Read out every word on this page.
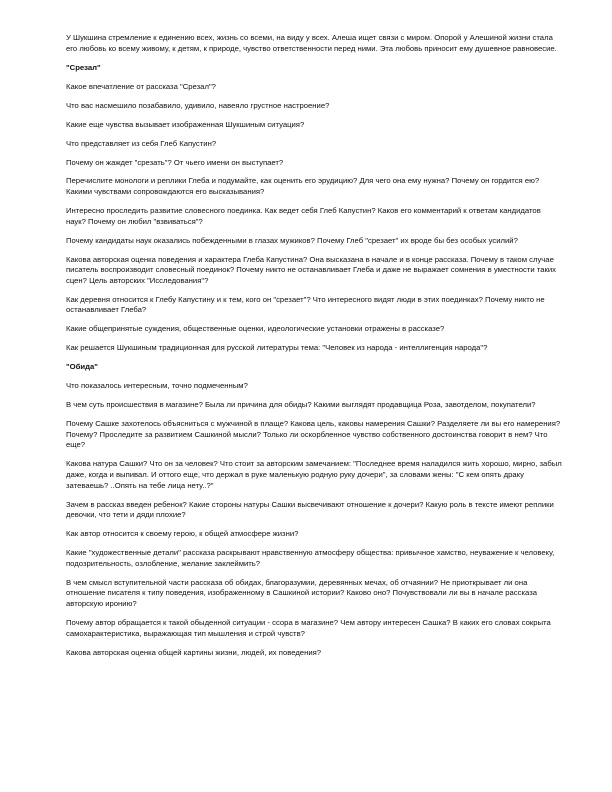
У Шукшина стремление к единению всех, жизнь со всеми, на виду у всех. Алеша ищет связи с миром. Опорой у Алешиной жизни стала его любовь ко всему живому, к детям, к природе, чувство ответственности перед ними. Эта любовь приносит ему душевное равновесие.

"Срезал"

Какое впечатление от рассказа "Срезал"?

Что вас насмешило позабавило, удивило, навеяло грустное настроение?

Какие еще чувства вызывает изображенная Шукшиным ситуация?

Что представляет из себя Глеб Капустин?

Почему он жаждет "срезать"? От чьего имени он выступает?

Перечислите монологи и реплики Глеба и подумайте, как оценить его эрудицию? Для чего она ему нужна? Почему он гордится ею? Какими чувствами сопровождаются его высказывания?

Интересно проследить развитие словесного поединка. Как ведет себя Глеб Капустин? Каков его комментарий к ответам кандидатов наук? Почему он любил "взвиваться"?

Почему кандидаты наук оказались побежденными в глазах мужиков? Почему Глеб "срезает" их вроде бы без особых усилий?

Какова авторская оценка поведения и характера Глеба Капустина? Она высказана в начале и в конце рассказа. Почему в таком случае писатель воспроизводит словесный поединок? Почему никто не останавливает Глеба и даже не выражает сомнения в уместности таких сцен? Цель авторских "Исследования"?

Как деревня относится к Глебу Капустину и к тем, кого он "срезает"? Что интересного видят люди в этих поединках? Почему никто не останавливает Глеба?

Какие общепринятые суждения, общественные оценки, идеологические установки отражены в рассказе?

Как решается Шукшиным традиционная для русской литературы тема: "Человек из народа - интеллигенция народа"?

"Обида"

Что показалось интересным, точно подмеченным?

В чем суть происшествия в магазине? Была ли причина для обиды? Какими выглядят продавщица Роза, завотделом, покупатели?

Почему Сашке захотелось объясниться с мужчиной в плаще? Какова цель, каковы намерения Сашки? Разделяете ли вы его намерения? Почему? Проследите за развитием Сашкиной мысли? Только ли оскорбленное чувство собственного достоинства говорит в нем? Что еще?

Какова натура Сашки? Что он за человек? Что стоит за авторским замечанием: "Последнее время наладился жить хорошо, мирно, забыл даже, когда и выпивал. И оттого еще, что держал в руке маленькую родную руку дочери", за словами жены: "С кем опять драку затеваешь? ..Опять на тебе лица нету..?"

Зачем в рассказ введен ребенок? Какие стороны натуры Сашки высвечивают отношение к дочери? Какую роль в тексте имеют реплики девочки, что тети и дяди плохие?

Как автор относится к своему герою, к общей атмосфере жизни?

Какие "художественные детали" рассказа раскрывают нравственную атмосферу общества: привычное хамство, неуважение к человеку, подозрительность, озлобление, желание заклеймить?

В чем смысл вступительной части рассказа об обидах, благоразумии, деревянных мечах, об отчаянии? Не приоткрывает ли она отношение писателя к типу поведения, изображенному в Сашкиной истории? Каково оно? Почувствовали ли вы в начале рассказа авторскую иронию?

Почему автор обращается к такой обыденной ситуации - ссора в магазине? Чем автору интересен Сашка? В каких его словах сокрыта самохарактеристика, выражающая тип мышления и строй чувств?

Какова авторская оценка общей картины жизни, людей, их поведения?
